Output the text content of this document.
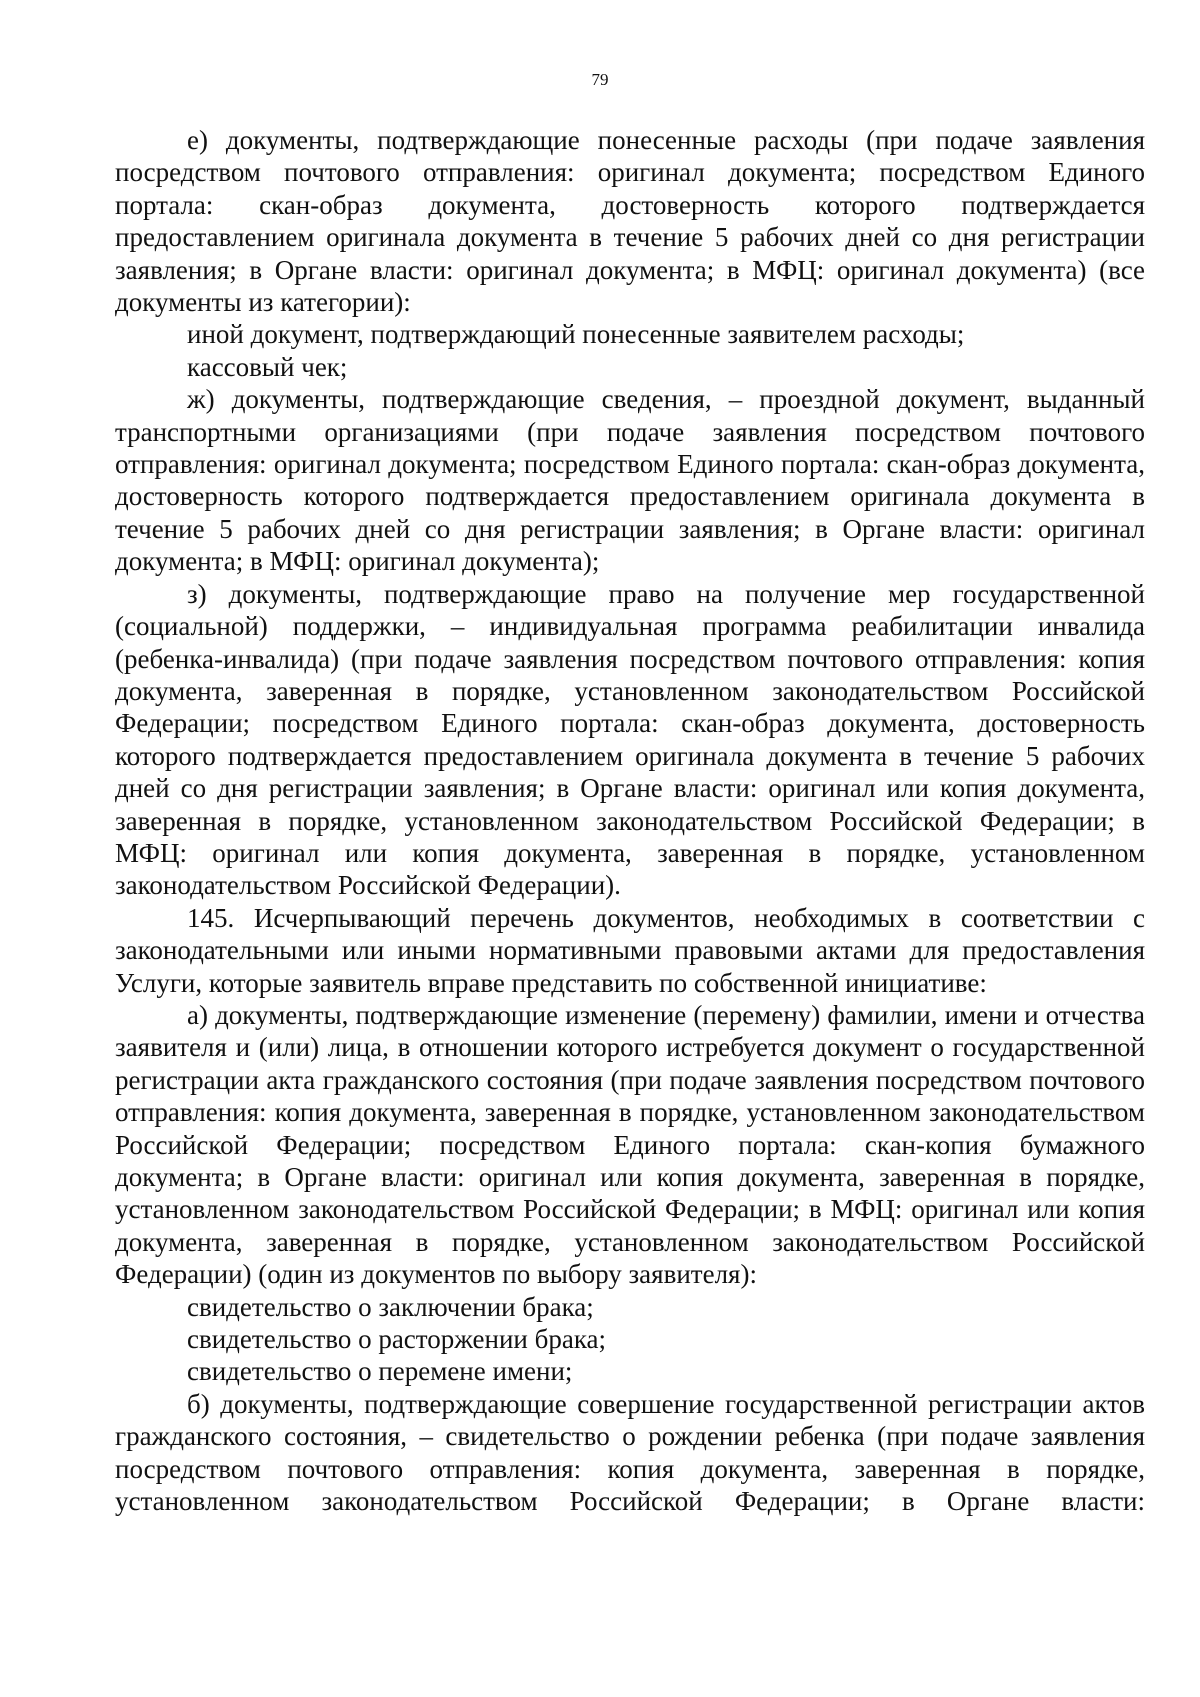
79

е) документы, подтверждающие понесенные расходы (при подаче заявления посредством почтового отправления: оригинал документа; посредством Единого портала: скан-образ документа, достоверность которого подтверждается предоставлением оригинала документа в течение 5 рабочих дней со дня регистрации заявления; в Органе власти: оригинал документа; в МФЦ: оригинал документа) (все документы из категории):

иной документ, подтверждающий понесенные заявителем расходы;

кассовый чек;

ж) документы, подтверждающие сведения, – проездной документ, выданный транспортными организациями (при подаче заявления посредством почтового отправления: оригинал документа; посредством Единого портала: скан-образ документа, достоверность которого подтверждается предоставлением оригинала документа в течение 5 рабочих дней со дня регистрации заявления; в Органе власти: оригинал документа; в МФЦ: оригинал документа);

з) документы, подтверждающие право на получение мер государственной (социальной) поддержки, – индивидуальная программа реабилитации инвалида (ребенка-инвалида) (при подаче заявления посредством почтового отправления: копия документа, заверенная в порядке, установленном законодательством Российской Федерации; посредством Единого портала: скан-образ документа, достоверность которого подтверждается предоставлением оригинала документа в течение 5 рабочих дней со дня регистрации заявления; в Органе власти: оригинал или копия документа, заверенная в порядке, установленном законодательством Российской Федерации; в МФЦ: оригинал или копия документа, заверенная в порядке, установленном законодательством Российской Федерации).

145. Исчерпывающий перечень документов, необходимых в соответствии с законодательными или иными нормативными правовыми актами для предоставления Услуги, которые заявитель вправе представить по собственной инициативе:

а) документы, подтверждающие изменение (перемену) фамилии, имени и отчества заявителя и (или) лица, в отношении которого истребуется документ о государственной регистрации акта гражданского состояния (при подаче заявления посредством почтового отправления: копия документа, заверенная в порядке, установленном законодательством Российской Федерации; посредством Единого портала: скан-копия бумажного документа; в Органе власти: оригинал или копия документа, заверенная в порядке, установленном законодательством Российской Федерации; в МФЦ: оригинал или копия документа, заверенная в порядке, установленном законодательством Российской Федерации) (один из документов по выбору заявителя):

свидетельство о заключении брака;

свидетельство о расторжении брака;

свидетельство о перемене имени;

б) документы, подтверждающие совершение государственной регистрации актов гражданского состояния, – свидетельство о рождении ребенка (при подаче заявления посредством почтового отправления: копия документа, заверенная в порядке, установленном законодательством Российской Федерации; в Органе власти:
